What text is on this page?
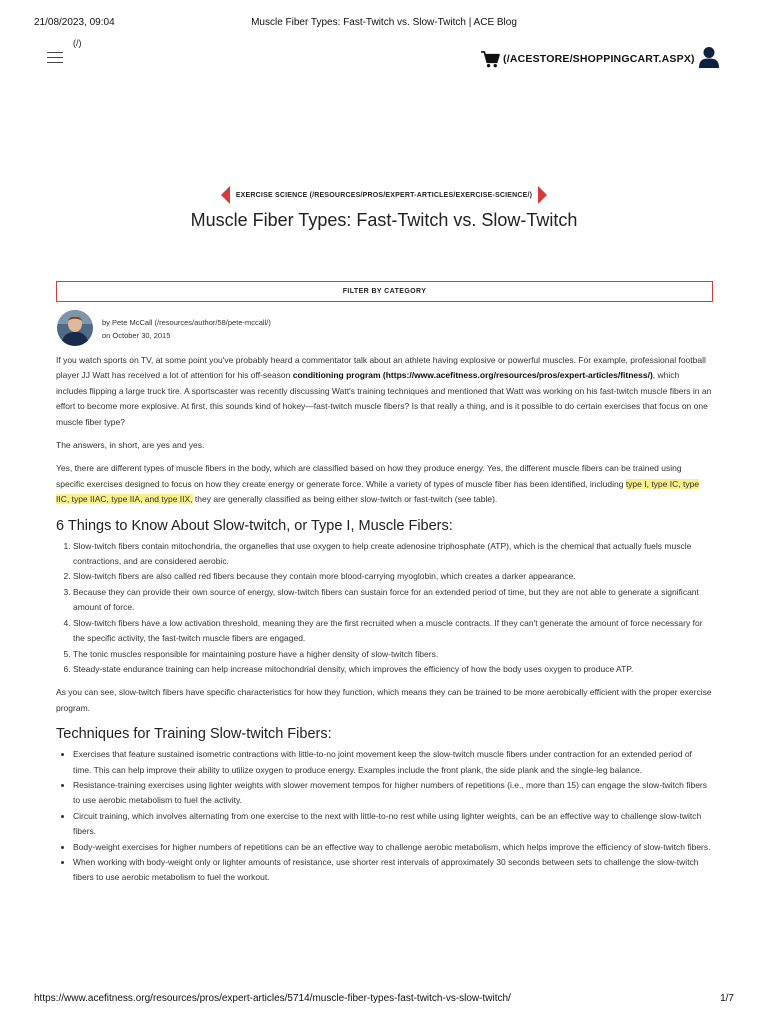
21/08/2023, 09:04	Muscle Fiber Types: Fast-Twitch vs. Slow-Twitch | ACE Blog
(/)
(/ACESTORE/SHOPPINGCART.ASPX)
EXERCISE SCIENCE (/RESOURCES/PROS/EXPERT-ARTICLES/EXERCISE-SCIENCE/)
Muscle Fiber Types: Fast-Twitch vs. Slow-Twitch
FILTER BY CATEGORY
by Pete McCall (/resources/author/58/pete-mccall/)
on October 30, 2015

If you watch sports on TV, at some point you've probably heard a commentator talk about an athlete having explosive or powerful muscles. For example, professional football player JJ Watt has received a lot of attention for his off-season conditioning program (https://www.acefitness.org/resources/pros/expert-articles/fitness/), which includes flipping a large truck tire. A sportscaster was recently discussing Watt's training techniques and mentioned that Watt was working on his fast-twitch muscle fibers in an effort to become more explosive. At first, this sounds kind of hokey—fast-twitch muscle fibers? Is that really a thing, and is it possible to do certain exercises that focus on one muscle fiber type?

The answers, in short, are yes and yes.

Yes, there are different types of muscle fibers in the body, which are classified based on how they produce energy. Yes, the different muscle fibers can be trained using specific exercises designed to focus on how they create energy or generate force. While a variety of types of muscle fiber has been identified, including type I, type IC, type IIC, type IIAC, type IIA, and type IIX, they are generally classified as being either slow-twitch or fast-twitch (see table).

6 Things to Know About Slow-twitch, or Type I, Muscle Fibers:
1. Slow-twitch fibers contain mitochondria, the organelles that use oxygen to help create adenosine triphosphate (ATP), which is the chemical that actually fuels muscle contractions, and are considered aerobic.
2. Slow-twitch fibers are also called red fibers because they contain more blood-carrying myoglobin, which creates a darker appearance.
3. Because they can provide their own source of energy, slow-twitch fibers can sustain force for an extended period of time, but they are not able to generate a significant amount of force.
4. Slow-twitch fibers have a low activation threshold, meaning they are the first recruited when a muscle contracts. If they can't generate the amount of force necessary for the specific activity, the fast-twitch muscle fibers are engaged.
5. The tonic muscles responsible for maintaining posture have a higher density of slow-twitch fibers.
6. Steady-state endurance training can help increase mitochondrial density, which improves the efficiency of how the body uses oxygen to produce ATP.

As you can see, slow-twitch fibers have specific characteristics for how they function, which means they can be trained to be more aerobically efficient with the proper exercise program.

Techniques for Training Slow-twitch Fibers:
• Exercises that feature sustained isometric contractions with little-to-no joint movement keep the slow-twitch muscle fibers under contraction for an extended period of time. This can help improve their ability to utilize oxygen to produce energy. Examples include the front plank, the side plank and the single-leg balance.
• Resistance-training exercises using lighter weights with slower movement tempos for higher numbers of repetitions (i.e., more than 15) can engage the slow-twitch fibers to use aerobic metabolism to fuel the activity.
• Circuit training, which involves alternating from one exercise to the next with little-to-no rest while using lighter weights, can be an effective way to challenge slow-twitch fibers.
• Body-weight exercises for higher numbers of repetitions can be an effective way to challenge aerobic metabolism, which helps improve the efficiency of slow-twitch fibers.
• When working with body-weight only or lighter amounts of resistance, use shorter rest intervals of approximately 30 seconds between sets to challenge the slow-twitch fibers to use aerobic metabolism to fuel the workout.
https://www.acefitness.org/resources/pros/expert-articles/5714/muscle-fiber-types-fast-twitch-vs-slow-twitch/	1/7
